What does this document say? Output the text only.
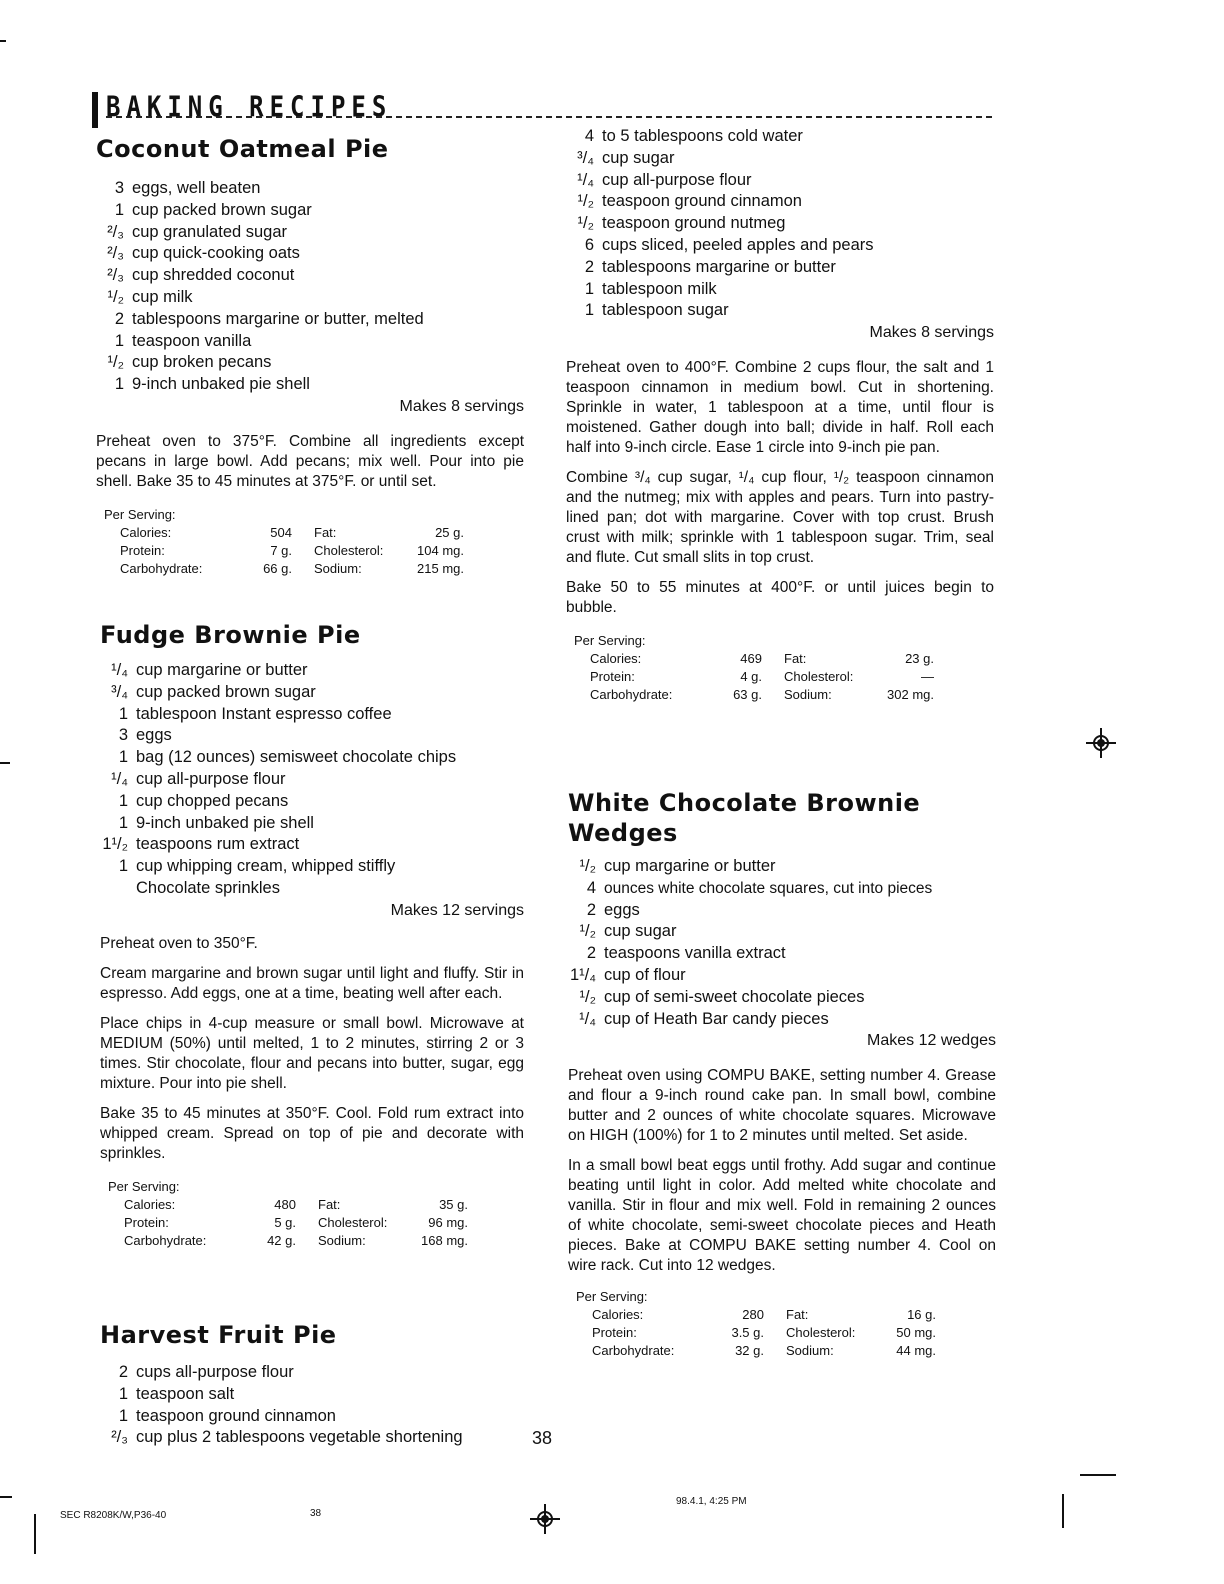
BAKING RECIPES
Coconut Oatmeal Pie
3 eggs, well beaten
1 cup packed brown sugar
²/₃ cup granulated sugar
²/₃ cup quick-cooking oats
²/₃ cup shredded coconut
¹/₂ cup milk
2 tablespoons margarine or butter, melted
1 teaspoon vanilla
¹/₂ cup broken pecans
1 9-inch unbaked pie shell
Makes 8 servings

Preheat oven to 375°F. Combine all ingredients except pecans in large bowl. Add pecans; mix well. Pour into pie shell. Bake 35 to 45 minutes at 375°F. or until set.

Per Serving:
Calories:	504 Fat:	25 g.
Protein:	7 g. Cholesterol:	104 mg.
Carbohydrate:	66 g. Sodium:	215 mg.
Fudge Brownie Pie
¹/₄ cup margarine or butter
³/₄ cup packed brown sugar
1 tablespoon Instant espresso coffee
3 eggs
1 bag (12 ounces) semisweet chocolate chips
¹/₄ cup all-purpose flour
1 cup chopped pecans
1 9-inch unbaked pie shell
1¹/₂ teaspoons rum extract
1 cup whipping cream, whipped stiffly
Chocolate sprinkles
Makes 12 servings

Preheat oven to 350°F.

Cream margarine and brown sugar until light and fluffy. Stir in espresso. Add eggs, one at a time, beating well after each.

Place chips in 4-cup measure or small bowl. Microwave at MEDIUM (50%) until melted, 1 to 2 minutes, stirring 2 or 3 times. Stir chocolate, flour and pecans into butter, sugar, egg mixture. Pour into pie shell.

Bake 35 to 45 minutes at 350°F. Cool. Fold rum extract into whipped cream. Spread on top of pie and decorate with sprinkles.

Per Serving:
Calories:	480 Fat:	35 g.
Protein:	5 g. Cholesterol:	96 mg.
Carbohydrate:	42 g. Sodium:	168 mg.
Harvest Fruit Pie
2 cups all-purpose flour
1 teaspoon salt
1 teaspoon ground cinnamon
²/₃ cup plus 2 tablespoons vegetable shortening
4 to 5 tablespoons cold water
³/₄ cup sugar
¹/₄ cup all-purpose flour
¹/₂ teaspoon ground cinnamon
¹/₂ teaspoon ground nutmeg
6 cups sliced, peeled apples and pears
2 tablespoons margarine or butter
1 tablespoon milk
1 tablespoon sugar
Makes 8 servings

Preheat oven to 400°F. Combine 2 cups flour, the salt and 1 teaspoon cinnamon in medium bowl. Cut in shortening. Sprinkle in water, 1 tablespoon at a time, until flour is moistened. Gather dough into ball; divide in half. Roll each half into 9-inch circle. Ease 1 circle into 9-inch pie pan.

Combine ³/₄ cup sugar, ¹/₄ cup flour, ¹/₂ teaspoon cinnamon and the nutmeg; mix with apples and pears. Turn into pastry-lined pan; dot with margarine. Cover with top crust. Brush crust with milk; sprinkle with 1 tablespoon sugar. Trim, seal and flute. Cut small slits in top crust.

Bake 50 to 55 minutes at 400°F. or until juices begin to bubble.

Per Serving:
Calories:	469 Fat:	23 g.
Protein:	4 g. Cholesterol:	—
Carbohydrate:	63 g. Sodium:	302 mg.
White Chocolate Brownie
Wedges
¹/₂ cup margarine or butter
4 ounces white chocolate squares, cut into pieces
2 eggs
¹/₂ cup sugar
2 teaspoons vanilla extract
1¹/₄ cup of flour
¹/₂ cup of semi-sweet chocolate pieces
¹/₄ cup of Heath Bar candy pieces
Makes 12 wedges

Preheat oven using COMPU BAKE, setting number 4. Grease and flour a 9-inch round cake pan. In small bowl, combine butter and 2 ounces of white chocolate squares. Microwave on HIGH (100%) for 1 to 2 minutes until melted. Set aside.

In a small bowl beat eggs until frothy. Add sugar and continue beating until light in color. Add melted white chocolate and vanilla. Stir in flour and mix well. Fold in remaining 2 ounces of white chocolate, semi-sweet chocolate pieces and Heath pieces. Bake at COMPU BAKE setting number 4. Cool on wire rack. Cut into 12 wedges.

Per Serving:
Calories:	280 Fat:	16 g.
Protein:	3.5 g. Cholesterol:	50 mg.
Carbohydrate:	32 g. Sodium:	44 mg.
38
SEC R8208K/W,P36-40	38
98.4.1, 4:25 PM
